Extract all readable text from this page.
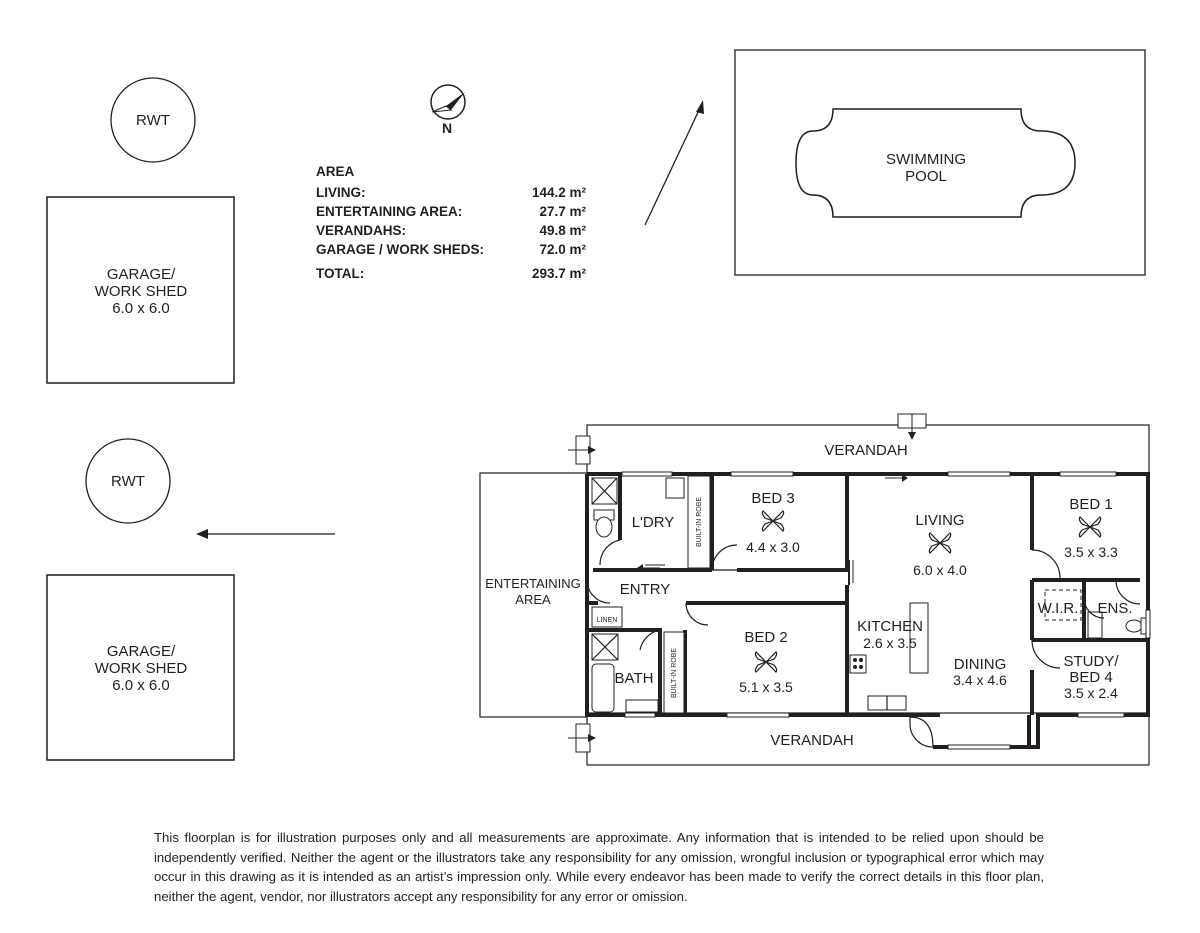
N
RWT
RWT
GARAGE/
WORK SHED
6.0 x 6.0
GARAGE/
WORK SHED
6.0 x 6.0
SWIMMING
POOL
BUILT-IN ROBE
BUILT-IN ROBE
LINEN
VERANDAH
VERANDAH
L'DRY
BED 3
4.4 x 3.0
LIVING
6.0 x 4.0
BED 1
3.5 x 3.3
ENTERTAINING
AREA
ENTRY
W.I.R. ENS.
BED 2
5.1 x 3.5
KITCHEN
2.6 x 3.5
DINING
3.4 x 4.6
STUDY/
BED 4
3.5 x 2.4
BATH
AREA
LIVING:	144.2 m²
ENTERTAINING AREA:	27.7 m²
VERANDAHS:	49.8 m²
GARAGE / WORK SHEDS:	72.0 m²
TOTAL:	293.7 m²
This floorplan is for illustration purposes only and all measurements are approximate. Any information that is intended to be relied upon should be independently verified. Neither the agent or the illustrators take any responsibility for any omission, wrongful inclusion or typographical error which may occur in this drawing as it is intended as an artist’s impression only. While every endeavor has been made to verify the correct details in this floor plan, neither the agent, vendor, nor illustrators accept any responsibility for any error or omission.
